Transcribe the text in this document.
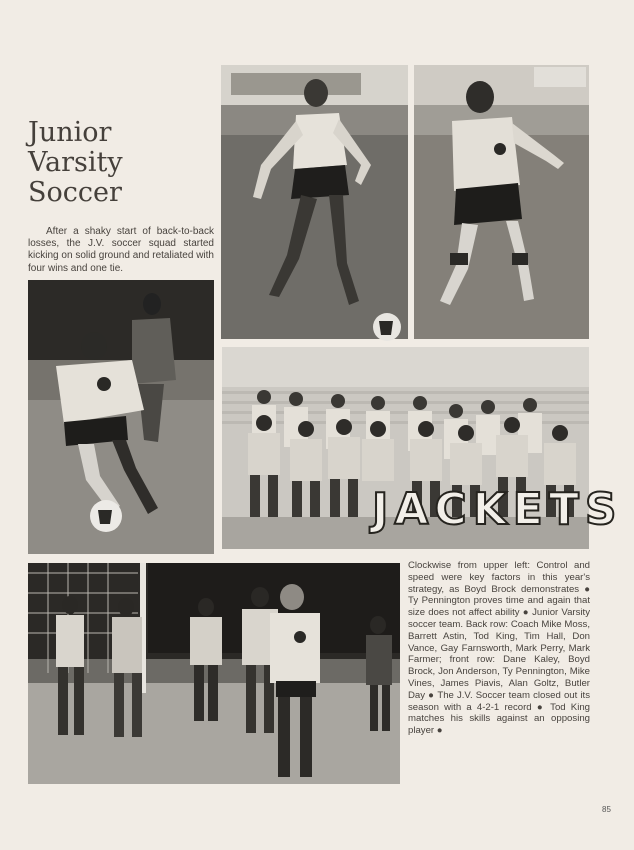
JACKETS
Junior
Varsity
Soccer

After a shaky start of back-to-back losses, the J.V. soccer squad started kicking on solid ground and retaliated with four wins and one tie.

Clockwise from upper left: Control and speed were key factors in this year's strategy, as Boyd Brock demonstrates ● Ty Pennington proves time and again that size does not affect ability ● Junior Varsity soccer team. Back row: Coach Mike Moss, Barrett Astin, Tod King, Tim Hall, Don Vance, Gay Farnsworth, Mark Perry, Mark Farmer; front row: Dane Kaley, Boyd Brock, Jon Anderson, Ty Pennington, Mike Vines, James Piavis, Alan Goltz, Butler Day ● The J.V. Soccer team closed out its season with a 4-2-1 record ● Tod King matches his skills against an opposing player ●

85
